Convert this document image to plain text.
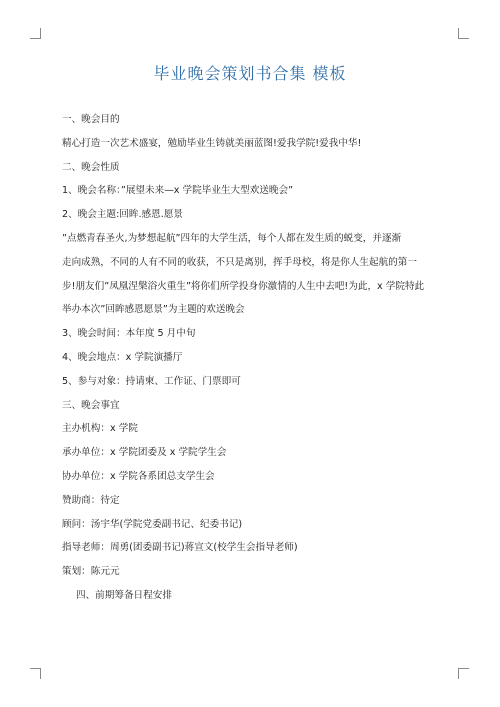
毕业晚会策划书合集 模板
一、晚会目的
精心打造一次艺术盛宴，勉励毕业生铸就美丽蓝图!爱我学院!爱我中华!
二、晚会性质
1、晚会名称：”展望未来—x 学院毕业生大型欢送晚会”
2、晚会主题:回眸.感恩.愿景
”点燃青春圣火,为梦想起航”四年的大学生活，每个人都在发生质的蜕变，并逐渐
走向成熟，不同的人有不同的收获，不只是离别，挥手母校，将是你人生起航的第一
步!朋友们”凤凰涅槃浴火重生”将你们所学投身你激情的人生中去吧!为此，x 学院特此
举办本次”回眸感恩愿景”为主题的欢送晚会
3、晚会时间：本年度 5 月中旬
4、晚会地点：x 学院演播厅
5、参与对象：持请柬、工作证、门票即可
三、晚会事宜
主办机构：x 学院
承办单位：x 学院团委及 x 学院学生会
协办单位：x 学院各系团总支学生会
赞助商：待定
顾问：汤宇华(学院党委副书记、纪委书记)
指导老师：周勇(团委副书记)蒋宣文(校学生会指导老师)
策划：陈元元
四、前期筹备日程安排
